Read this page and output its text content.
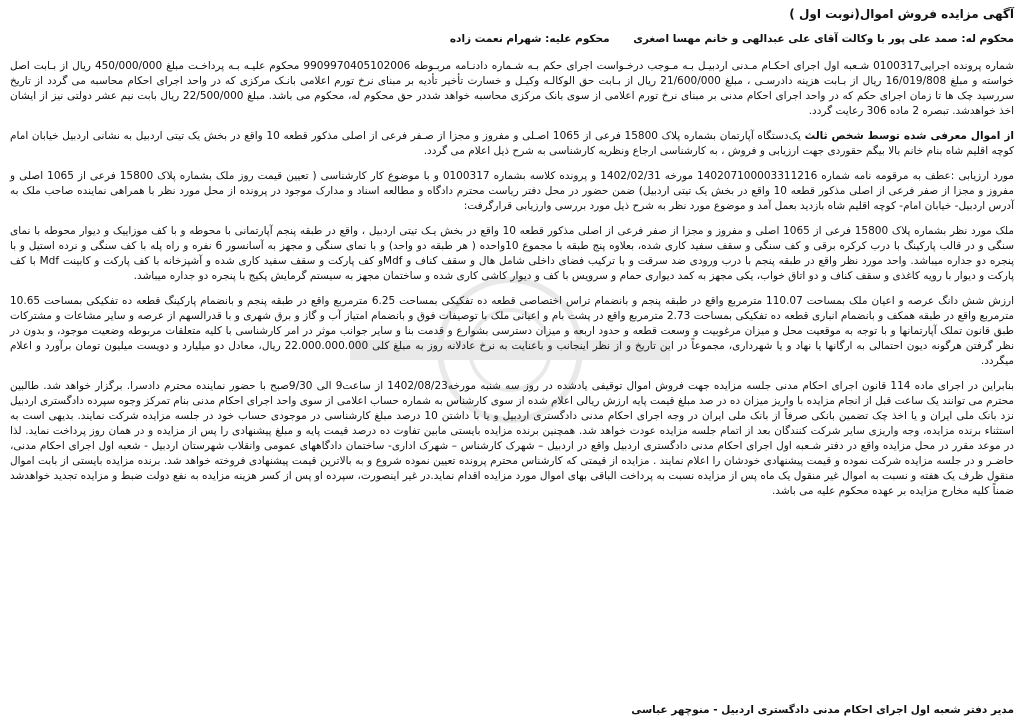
آگهی مزایده فروش اموال(نوبت اول )
محکوم له: صمد علی پور با وکالت آقای علی عبدالهی و خانم مهسا اصغری محکوم علیه: شهرام نعمت زاده

شماره پرونده اجرایی0100317 شـعبه اول اجرای احکـام مـدنی اردبیـل بـه مـوجب درخـواست اجرای حکم بـه شـماره دادنـامه مربـوطه 9909970405102006 محکوم علیـه بـه پرداخـت مبلغ 450/000/000 ریال از بـابت اصل خواسته و مبلغ 16/019/808 ریال از بـابت هزینه دادرسـی ، مبلغ 21/600/000 ریال از بـابت حق الوکالـه وکیـل و خسارت تأخیر تأدیه بر مبنای نرخ تورم اعلامی بانـک مرکزی که در واحد اجرای احکام محاسبه می گردد از تاریخ سررسید چک ها تا زمان اجرای حکم که در واحد اجرای احکام مدنی بر مبنای نرخ تورم اعلامی از سوی بانک مرکزی محاسبه خواهد شددر حق محکوم له، محکوم می باشد. مبلغ 22/500/000 ریال بابت نیم عشر دولتی نیز از ایشان اخذ خواهدشد. تبصره 2 ماده 306 رعایت گردد.

از اموال معرفی شده توسط شخص ثالث یک‌دستگاه آپارتمان بشماره پلاک 15800 فرعی از 1065 اصـلی و مفروز و مجزا از صـفر فرعی از اصلی مذکور قطعه 10 واقع در بخش یک تیتی اردبیل به نشانی اردبیل خیابان امام کوچه اقلیم شاه بنام خانم بالا بیگم حقوردی جهت ارزیابی و فروش ، به کارشناسی ارجاع ونظریه کارشناسی به شرح ذیل اعلام می گردد.

مورد ارزیابی :عطف به مرقومه نامه شماره 140207100003311216 مورخه 1402/02/31 و پرونده کلاسه بشماره 0100317 و با موضوع کار کارشناسی ( تعیین قیمت روز ملک بشماره پلاک 15800 فرعی از 1065 اصلی و مفروز و مجزا از صفر فرعی از اصلی مذکور قطعه 10 واقع در بخش یک تیتی اردبیل) ضمن حضور در محل دفتر ریاست محترم دادگاه و مطالعه اسناد و مدارک موجود در پرونده از محل مورد نظر با همراهی نماینده صاحب ملک به آدرس اردبیل- خیابان امام- کوچه اقلیم شاه بازدید بعمل آمد و موضوع مورد نظر به شرح ذیل مورد بررسی وارزیابی قرارگرفت:

ملک مورد نظر بشماره پلاک 15800 فرعی از 1065 اصلی و مفروز و مجزا از صفر فرعی از اصلی مذکور قطعه 10 واقع در بخش یـک تیتی اردبیل ، واقع در طبقه پنجم آپارتمانی با محوطه و با کف موزاییک و دیوار محوطه با نمای سنگی و در قالب پارکینگ با درب کرکره برقی و کف سنگی و سقف سفید کاری شده، بعلاوه پنج طبقه با مجموع 10واحده ( هر طبقه دو واحد) و با نمای سنگی و مجهز به آسانسور 6 نفره و راه پله با کف سنگی و نرده استیل و با پنجره دو جداره میباشد. واحد مورد نظر واقع در طبقه پنجم با درب ورودی ضد سرقت و با ترکیب فضای داخلی شامل هال و سقف کناف و Mdfو کف پارکت و سقف سفید کاری شده و آشپزخانه با کف پارکت و کابینت Mdf با کف پارکت و دیوار با رویه کاغذی و سقف کناف و دو اتاق خواب، یکی مجهز به کمد دیواری حمام و سرویس با کف و دیوار کاشی کاری شده و ساختمان مجهز به سیستم گرمایش پکیج با پنجره دو جداره میباشد.

ارزش شش دانگ عرصه و اعیان ملک بمساحت 110.07 مترمربع واقع در طبقه پنجم و بانضمام تراس اختصاصی قطعه ده تفکیکی بمساحت 6.25 مترمربع واقع در طبقه پنجم و بانضمام پارکینگ قطعه ده تفکیکی بمساحت 10.65 مترمربع واقع در طبقه همکف و بانضمام انباری قطعه ده تفکیکی بمساحت 2.73 مترمربع واقع در پشت بام و اعیانی ملک با توصیفات فوق و بانضمام امتیاز آب و گاز و برق شهری و با قدرالسهم از عرصه و سایر مشاعات و مشترکات طبق قانون تملک آپارتمانها و با توجه به موقعیت محل و میزان مرغوبیت و وسعت قطعه و حدود اربعه و میزان دسترسی بشوارع و قدمت بنا و سایر جوانب موثر در امر کارشناسی با کلیه متعلقات مربوطه وضعیت موجود، و بدون در نظر گرفتن هرگونه دیون احتمالی به ارگانها یا نهاد و یا شهرداری، مجموعاً در این تاریخ و از نظر اینجانب و باعنایت به نرخ عادلانه روز به مبلغ کلی 22.000.000.000 ریال، معادل دو میلیارد و دویست میلیون تومان برآورد و اعلام میگردد.

بنابراین در اجرای ماده 114 قانون اجرای احکام مدنی جلسه مزایده جهت فروش اموال توقیفی یادشده در روز سه شنبه مورخه1402/08/23 از ساعت9 الی 9/30صبح با حضور نماینده محترم دادسرا. برگزار خواهد شد. طالبین محترم می توانند یک ساعت قبل از انجام مزایده با واریز میزان ده در صد مبلغ قیمت پایه ارزش ریالی اعلام شده از سوی کارشناس به شماره حساب اعلامی از سوی واحد اجرای احکام مدنی بنام تمرکز وجوه سپرده دادگستری اردبیل نزد بانک ملی ایران و یا اخذ چک تضمین بانکی صرفاً از بانک ملی ایران در وجه اجرای احکام مدنی دادگستری اردبیل و یا با داشتن 10 درصد مبلغ کارشناسی در موجودی حساب خود در جلسه مزایده شرکت نمایند. بدیهی است به استثناء برنده مزایده، وجه واریزی سایر شرکت کنندگان بعد از اتمام جلسه مزایده عودت خواهد شد. همچنین برنده مزایده بایستی مابین تفاوت ده درصد قیمت پایه و مبلغ پیشنهادی را پس از مزایده و در همان روز پرداخت نماید. لذا در موعد مقرر در محل مزایده واقع در دفتر شـعبه اول اجرای احکام مدنی دادگستری اردبیل واقع در اردبیل – شهرک کارشناس – شهرک اداری- ساختمان دادگاههای عمومی وانقلاب شهرستان اردبیل - شعبه اول اجرای احکام مدنی، حاضـر و در جلسه مزایده شرکت نموده و قیمت پیشنهادی خودشان را اعلام نمایند . مزایده از قیمتی که کارشناس محترم پرونده تعیین نموده شروع و به بالاترین قیمت پیشنهادی فروخته خواهد شد. برنده مزایده بایستی از بابت اموال منقول ظرف یک هفته و نسبت به اموال غیر منقول یک ماه پس از مزایده نسبت به پرداخت الباقی بهای اموال مورد مزایده اقدام نماید.در غیر اینصورت، سپرده او پس از کسر هزینه مزایده به نفع دولت ضبط و مزایده تجدید خواهدشد ضمناً کلیه مخارج مزایده بر عهده محکوم علیه می باشد.

مدیر دفتر شعبه اول اجرای احکام مدنی دادگستری اردبیل - منوچهر عباسی
